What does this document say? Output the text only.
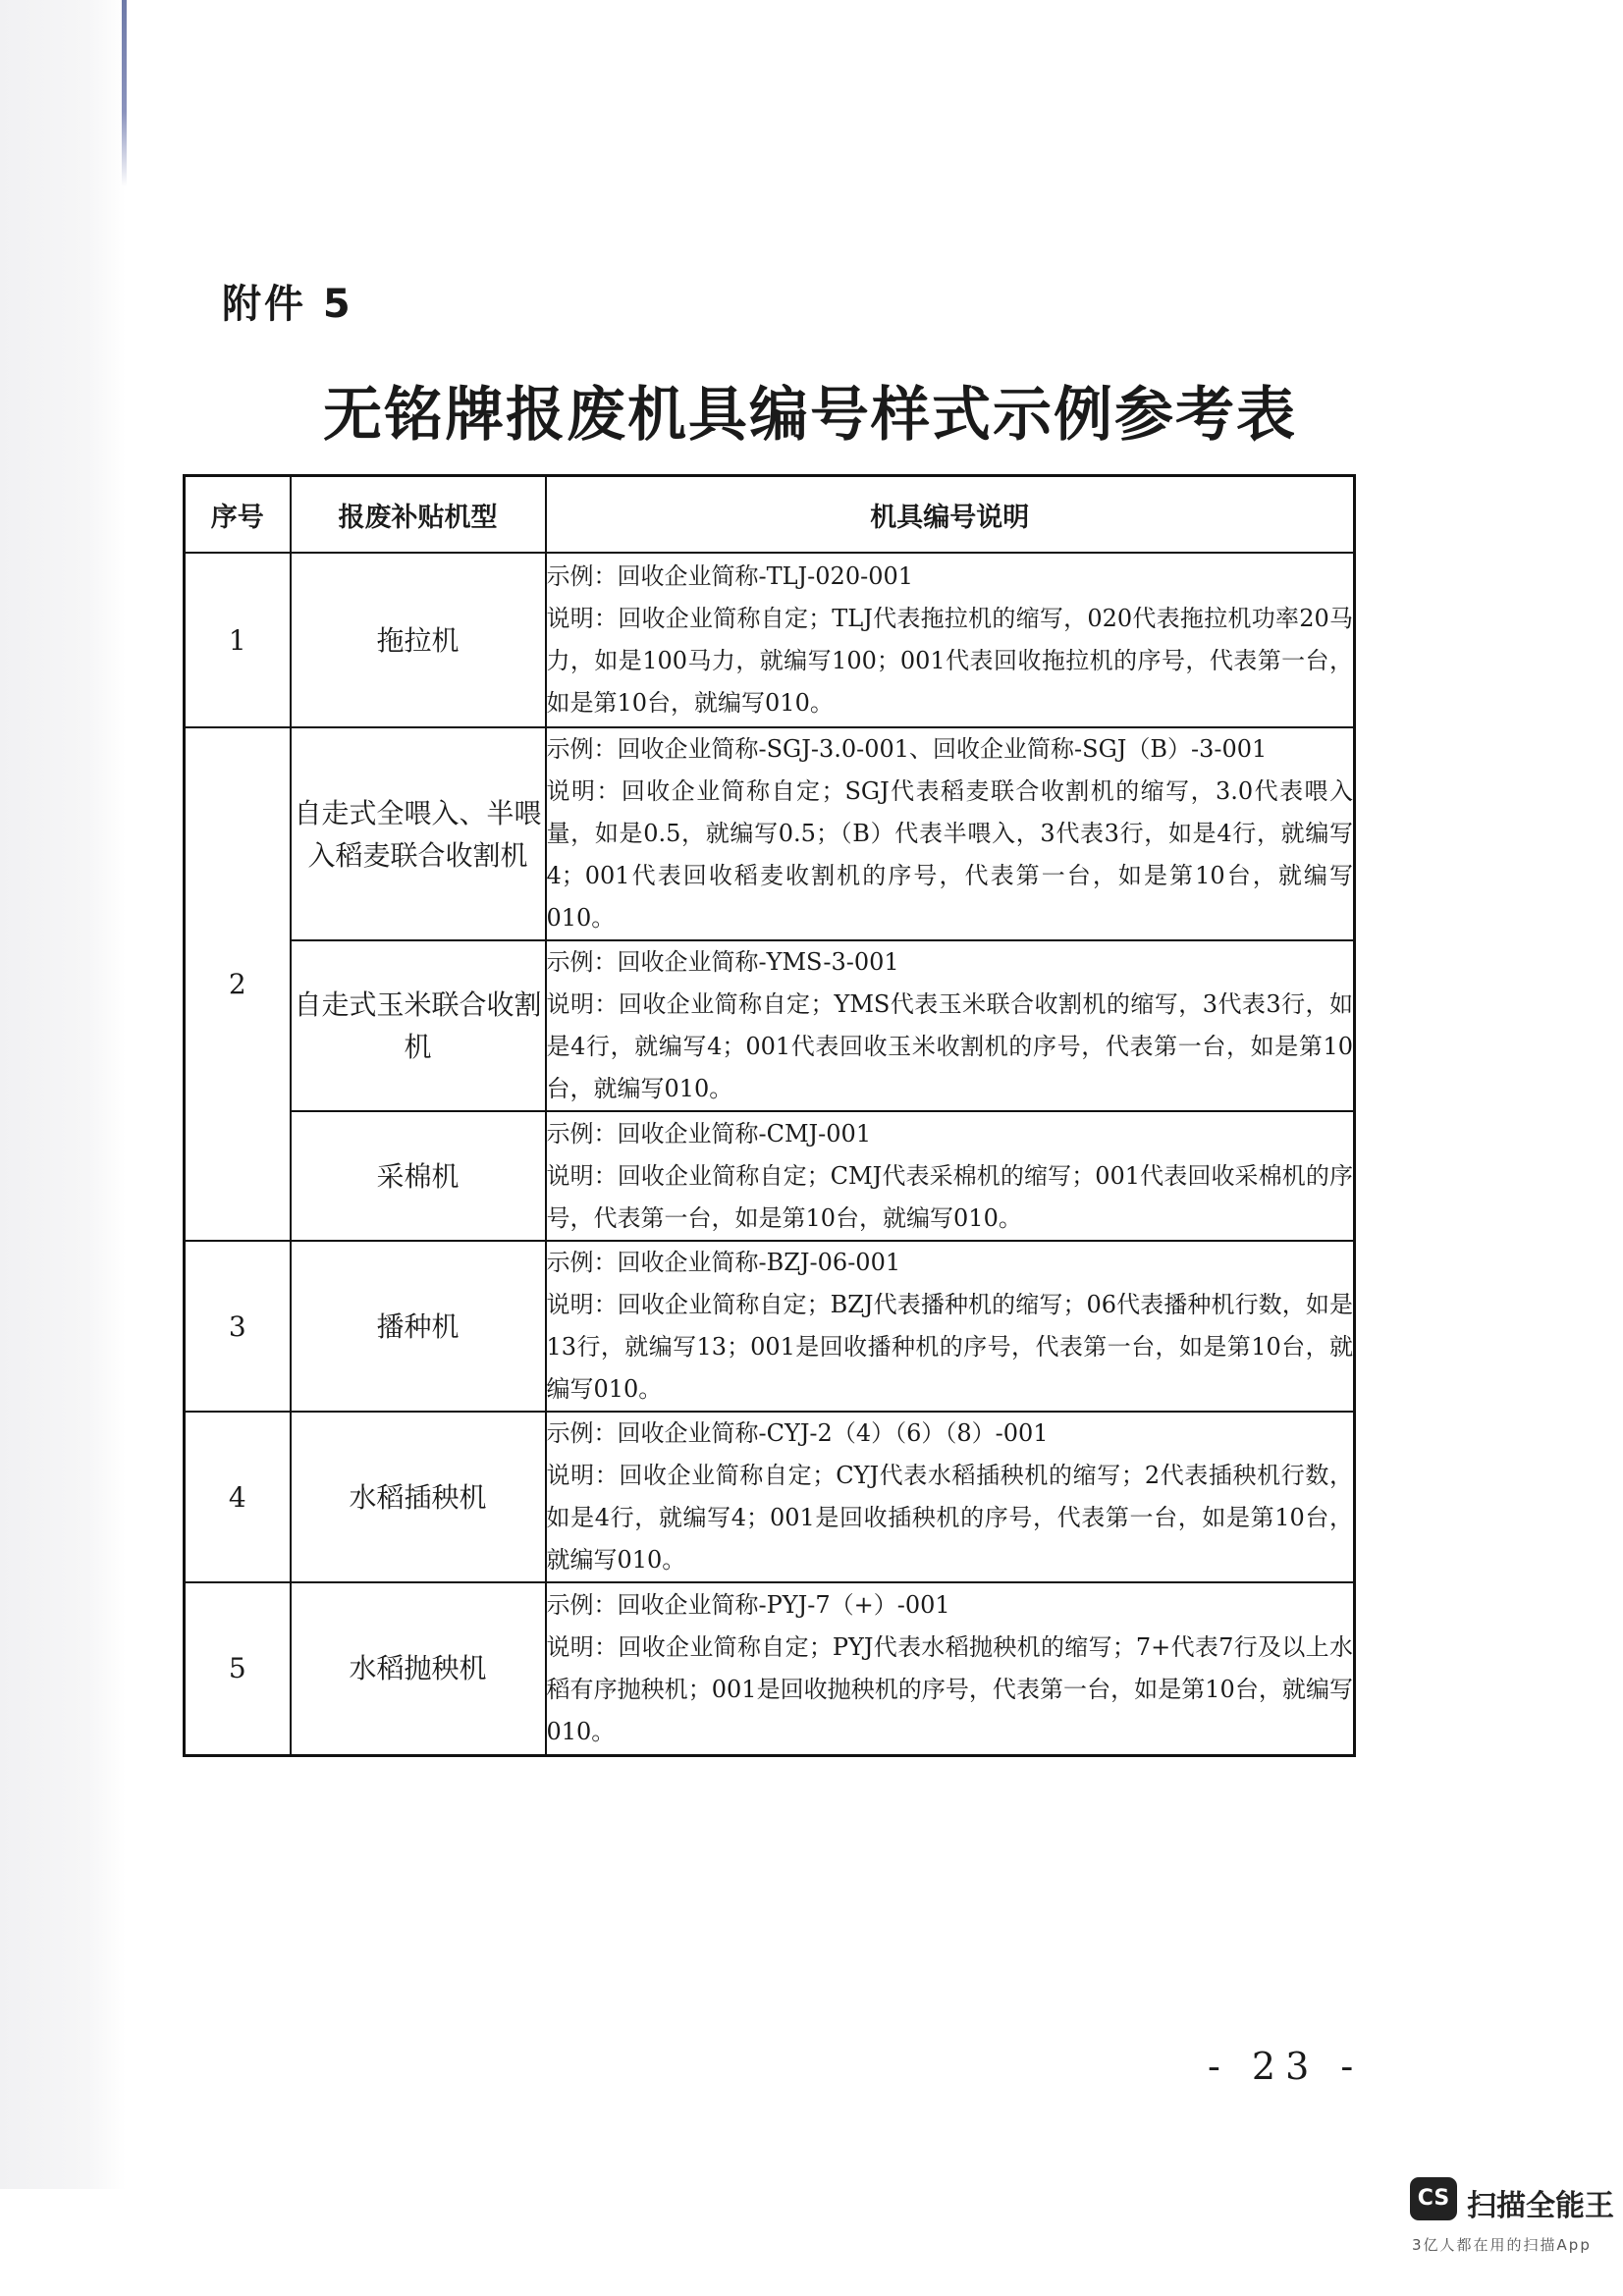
附件 5
无铭牌报废机具编号样式示例参考表
序号	报废补贴机型	机具编号说明
1	拖拉机	示例：回收企业简称-TLJ-020-001
说明：回收企业简称自定；TLJ代表拖拉机的缩写，020代表拖拉机功率20马力，如是100马力，就编写100；001代表回收拖拉机的序号，代表第一台，如是第10台，就编写010。

2	自走式全喂入、半喂入稻麦联合收割机	示例：回收企业简称-SGJ-3.0-001、回收企业简称-SGJ（B）-3-001
说明：回收企业简称自定；SGJ代表稻麦联合收割机的缩写，3.0代表喂入量，如是0.5，就编写0.5；（B）代表半喂入，3代表3行，如是4行，就编写4；001代表回收稻麦收割机的序号，代表第一台，如是第10台，就编写010。

	自走式玉米联合收割机	示例：回收企业简称-YMS-3-001
说明：回收企业简称自定；YMS代表玉米联合收割机的缩写，3代表3行，如是4行，就编写4；001代表回收玉米收割机的序号，代表第一台，如是第10台，就编写010。

	采棉机	示例：回收企业简称-CMJ-001
说明：回收企业简称自定；CMJ代表采棉机的缩写；001代表回收采棉机的序号，代表第一台，如是第10台，就编写010。

3	播种机	示例：回收企业简称-BZJ-06-001
说明：回收企业简称自定；BZJ代表播种机的缩写；06代表播种机行数，如是13行，就编写13；001是回收播种机的序号，代表第一台，如是第10台，就编写010。

4	水稻插秧机	示例：回收企业简称-CYJ-2（4）（6）（8）-001
说明：回收企业简称自定；CYJ代表水稻插秧机的缩写；2代表插秧机行数，如是4行，就编写4；001是回收插秧机的序号，代表第一台，如是第10台，就编写010。

5	水稻抛秧机	示例：回收企业简称-PYJ-7（+）-001
说明：回收企业简称自定；PYJ代表水稻抛秧机的缩写；7+代表7行及以上水稻有序抛秧机；001是回收抛秧机的序号，代表第一台，如是第10台，就编写010。
- 23 -
CS 扫描全能王
3亿人都在用的扫描App
